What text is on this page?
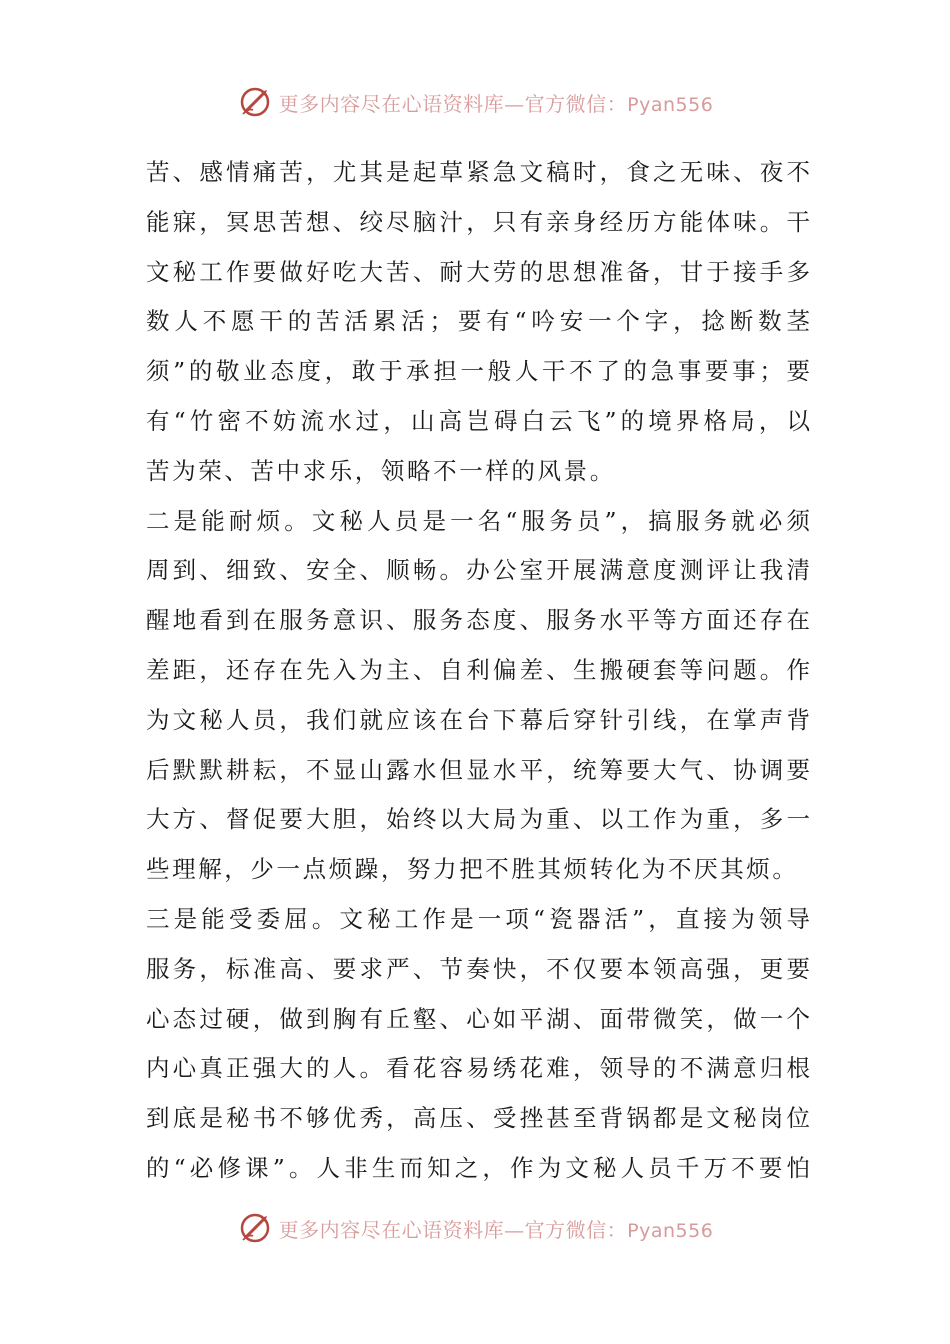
更多内容尽在心语资料库—官方微信：Pyan556
苦、感情痛苦，尤其是起草紧急文稿时，食之无味、夜不
能寐，冥思苦想、绞尽脑汁，只有亲身经历方能体味。干
文秘工作要做好吃大苦、耐大劳的思想准备，甘于接手多
数人不愿干的苦活累活；要有“吟安一个字，捻断数茎
须”的敬业态度，敢于承担一般人干不了的急事要事；要
有“竹密不妨流水过，山高岂碍白云飞”的境界格局，以
苦为荣、苦中求乐，领略不一样的风景。
二是能耐烦。文秘人员是一名“服务员”，搞服务就必须
周到、细致、安全、顺畅。办公室开展满意度测评让我清
醒地看到在服务意识、服务态度、服务水平等方面还存在
差距，还存在先入为主、自利偏差、生搬硬套等问题。作
为文秘人员，我们就应该在台下幕后穿针引线，在掌声背
后默默耕耘，不显山露水但显水平，统筹要大气、协调要
大方、督促要大胆，始终以大局为重、以工作为重，多一
些理解，少一点烦躁，努力把不胜其烦转化为不厌其烦。
三是能受委屈。文秘工作是一项“瓷器活”，直接为领导
服务，标准高、要求严、节奏快，不仅要本领高强，更要
心态过硬，做到胸有丘壑、心如平湖、面带微笑，做一个
内心真正强大的人。看花容易绣花难，领导的不满意归根
到底是秘书不够优秀，高压、受挫甚至背锅都是文秘岗位
的“必修课”。人非生而知之，作为文秘人员千万不要怕
更多内容尽在心语资料库—官方微信：Pyan556
